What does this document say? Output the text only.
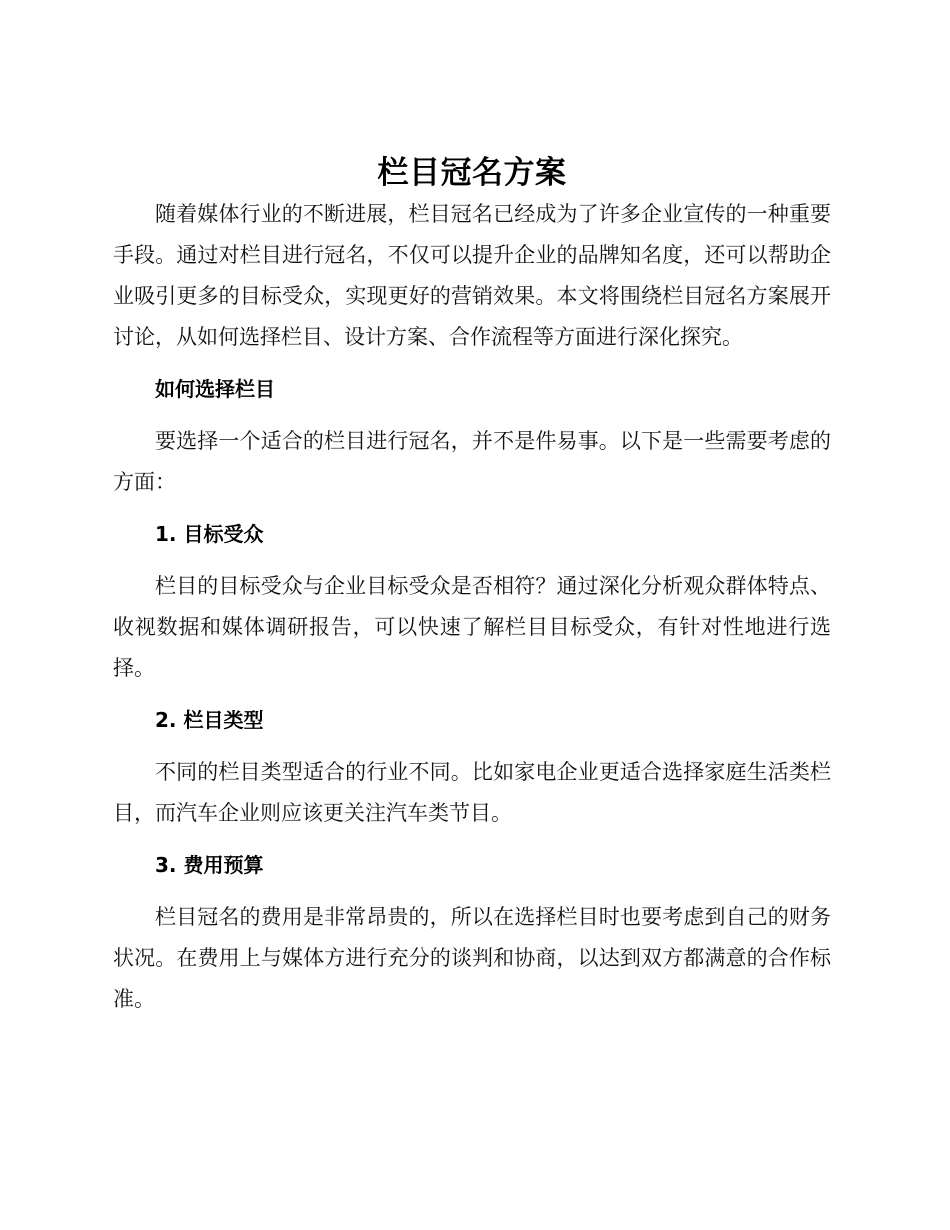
栏目冠名方案

随着媒体行业的不断进展，栏目冠名已经成为了许多企业宣传的一种重要手段。通过对栏目进行冠名，不仅可以提升企业的品牌知名度，还可以帮助企业吸引更多的目标受众，实现更好的营销效果。本文将围绕栏目冠名方案展开讨论，从如何选择栏目、设计方案、合作流程等方面进行深化探究。

如何选择栏目

要选择一个适合的栏目进行冠名，并不是件易事。以下是一些需要考虑的方面：

1. 目标受众

栏目的目标受众与企业目标受众是否相符？通过深化分析观众群体特点、收视数据和媒体调研报告，可以快速了解栏目目标受众，有针对性地进行选择。

2. 栏目类型

不同的栏目类型适合的行业不同。比如家电企业更适合选择家庭生活类栏目，而汽车企业则应该更关注汽车类节目。

3. 费用预算

栏目冠名的费用是非常昂贵的，所以在选择栏目时也要考虑到自己的财务状况。在费用上与媒体方进行充分的谈判和协商，以达到双方都满意的合作标准。
